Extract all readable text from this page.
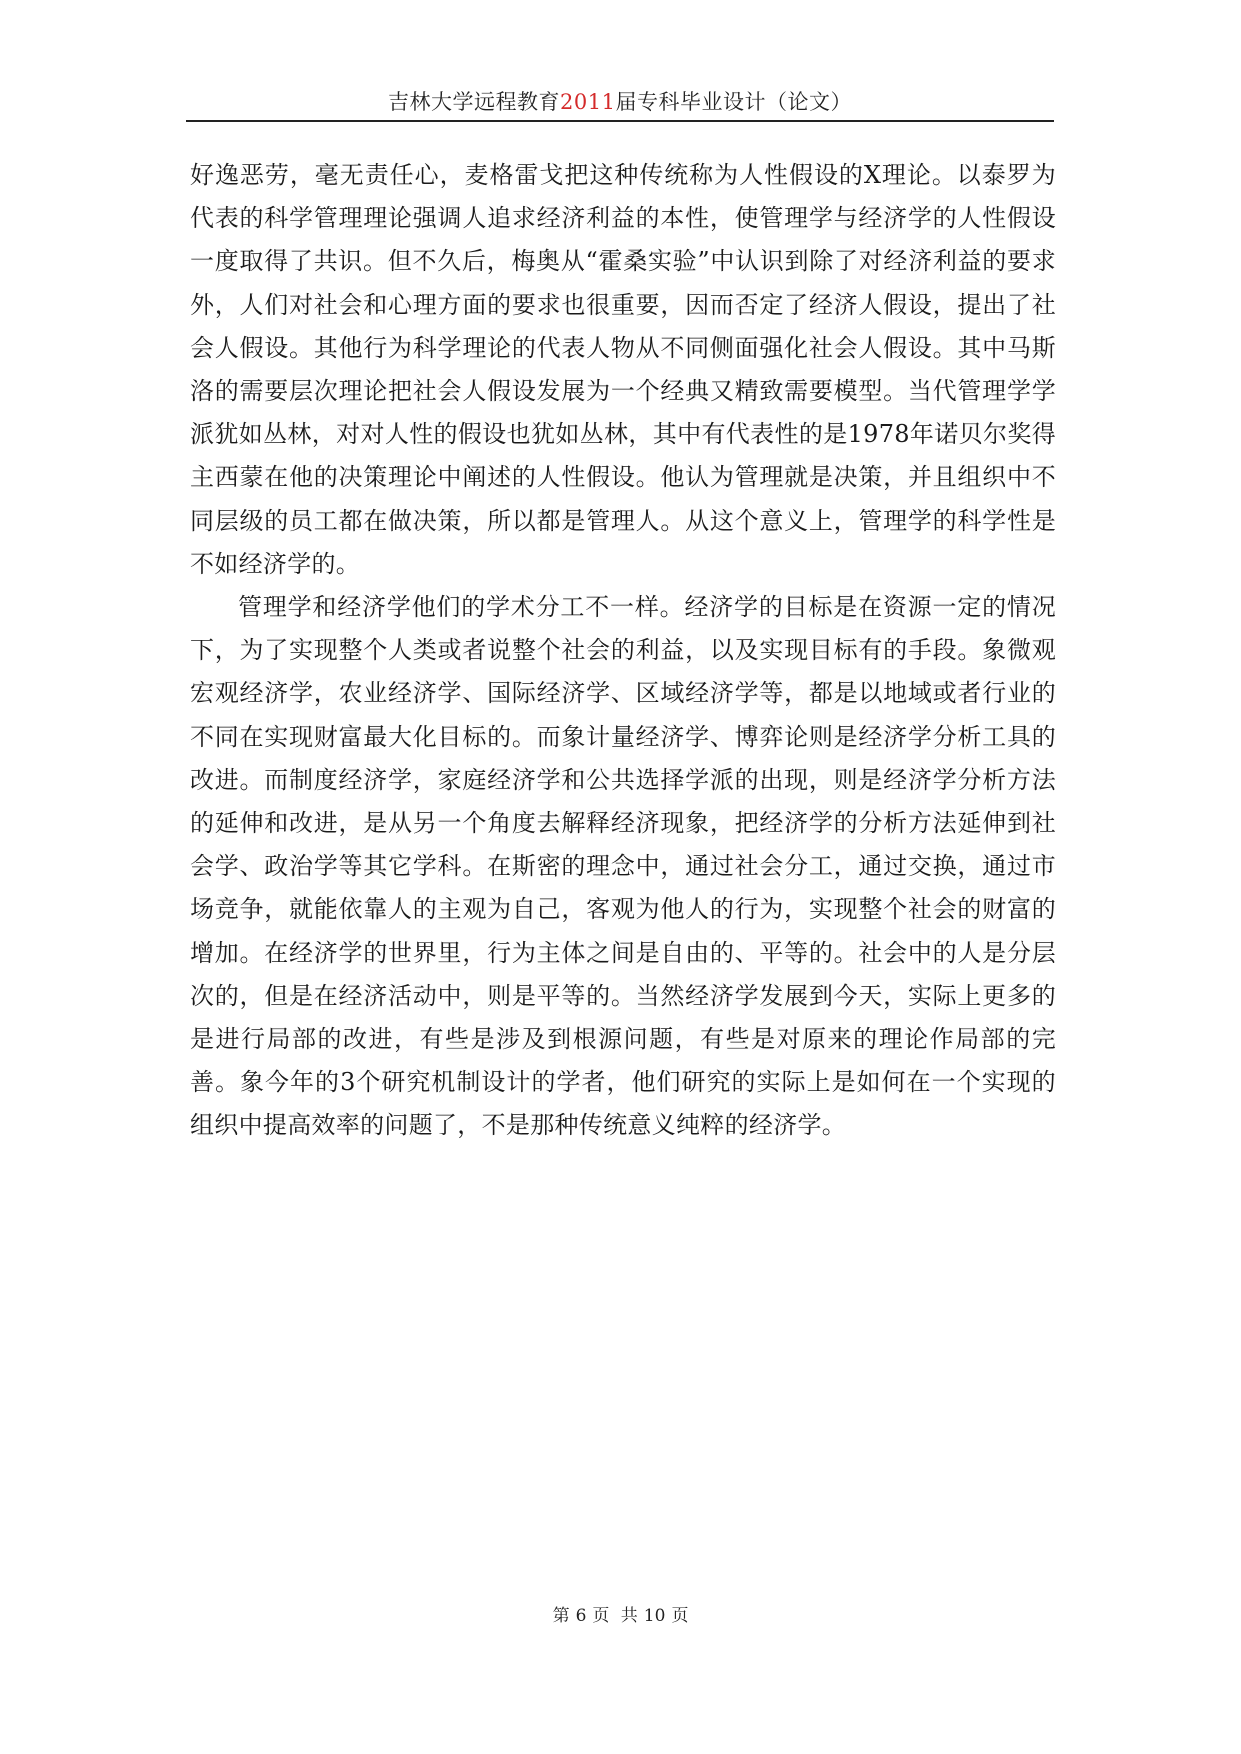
吉林大学远程教育2011届专科毕业设计（论文）

好逸恶劳，毫无责任心，麦格雷戈把这种传统称为人性假设的X理论。以泰罗为代表的科学管理理论强调人追求经济利益的本性，使管理学与经济学的人性假设一度取得了共识。但不久后，梅奥从“霍桑实验”中认识到除了对经济利益的要求外，人们对社会和心理方面的要求也很重要，因而否定了经济人假设，提出了社会人假设。其他行为科学理论的代表人物从不同侧面强化社会人假设。其中马斯洛的需要层次理论把社会人假设发展为一个经典又精致需要模型。当代管理学学派犹如丛林，对对人性的假设也犹如丛林，其中有代表性的是1978年诺贝尔奖得主西蒙在他的决策理论中阐述的人性假设。他认为管理就是决策，并且组织中不同层级的员工都在做决策，所以都是管理人。从这个意义上，管理学的科学性是不如经济学的。

管理学和经济学他们的学术分工不一样。经济学的目标是在资源一定的情况下，为了实现整个人类或者说整个社会的利益，以及实现目标有的手段。象微观宏观经济学，农业经济学、国际经济学、区域经济学等，都是以地域或者行业的不同在实现财富最大化目标的。而象计量经济学、博弈论则是经济学分析工具的改进。而制度经济学，家庭经济学和公共选择学派的出现，则是经济学分析方法的延伸和改进，是从另一个角度去解释经济现象，把经济学的分析方法延伸到社会学、政治学等其它学科。在斯密的理念中，通过社会分工，通过交换，通过市场竞争，就能依靠人的主观为自己，客观为他人的行为，实现整个社会的财富的增加。在经济学的世界里，行为主体之间是自由的、平等的。社会中的人是分层次的，但是在经济活动中，则是平等的。当然经济学发展到今天，实际上更多的是进行局部的改进，有些是涉及到根源问题，有些是对原来的理论作局部的完善。象今年的3个研究机制设计的学者，他们研究的实际上是如何在一个实现的组织中提高效率的问题了，不是那种传统意义纯粹的经济学。

第 6 页 共 10 页
